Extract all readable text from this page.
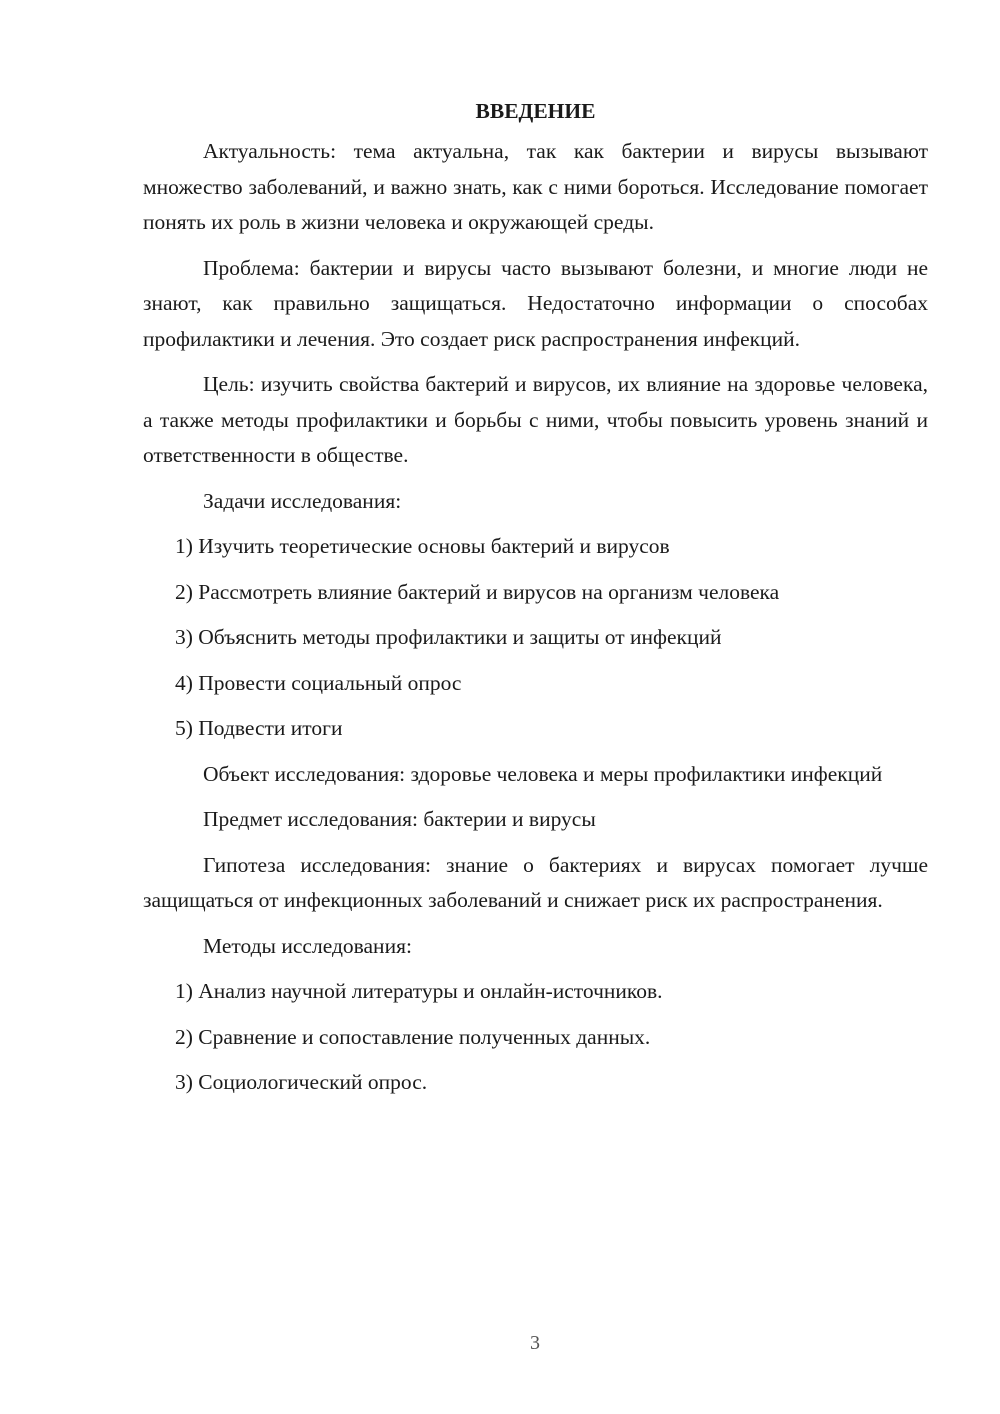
ВВЕДЕНИЕ

Актуальность: тема актуальна, так как бактерии и вирусы вызывают множество заболеваний, и важно знать, как с ними бороться. Исследование помогает понять их роль в жизни человека и окружающей среды.

Проблема: бактерии и вирусы часто вызывают болезни, и многие люди не знают, как правильно защищаться. Недостаточно информации о способах профилактики и лечения. Это создает риск распространения инфекций.

Цель: изучить свойства бактерий и вирусов, их влияние на здоровье человека, а также методы профилактики и борьбы с ними, чтобы повысить уровень знаний и ответственности в обществе.

Задачи исследования:
1) Изучить теоретические основы бактерий и вирусов
2) Рассмотреть влияние бактерий и вирусов на организм человека
3) Объяснить методы профилактики и защиты от инфекций
4) Провести социальный опрос
5) Подвести итоги

Объект исследования: здоровье человека и меры профилактики инфекций

Предмет исследования: бактерии и вирусы

Гипотеза исследования: знание о бактериях и вирусах помогает лучше защищаться от инфекционных заболеваний и снижает риск их распространения.

Методы исследования:
1) Анализ научной литературы и онлайн-источников.
2) Сравнение и сопоставление полученных данных.
3) Социологический опрос.
3
